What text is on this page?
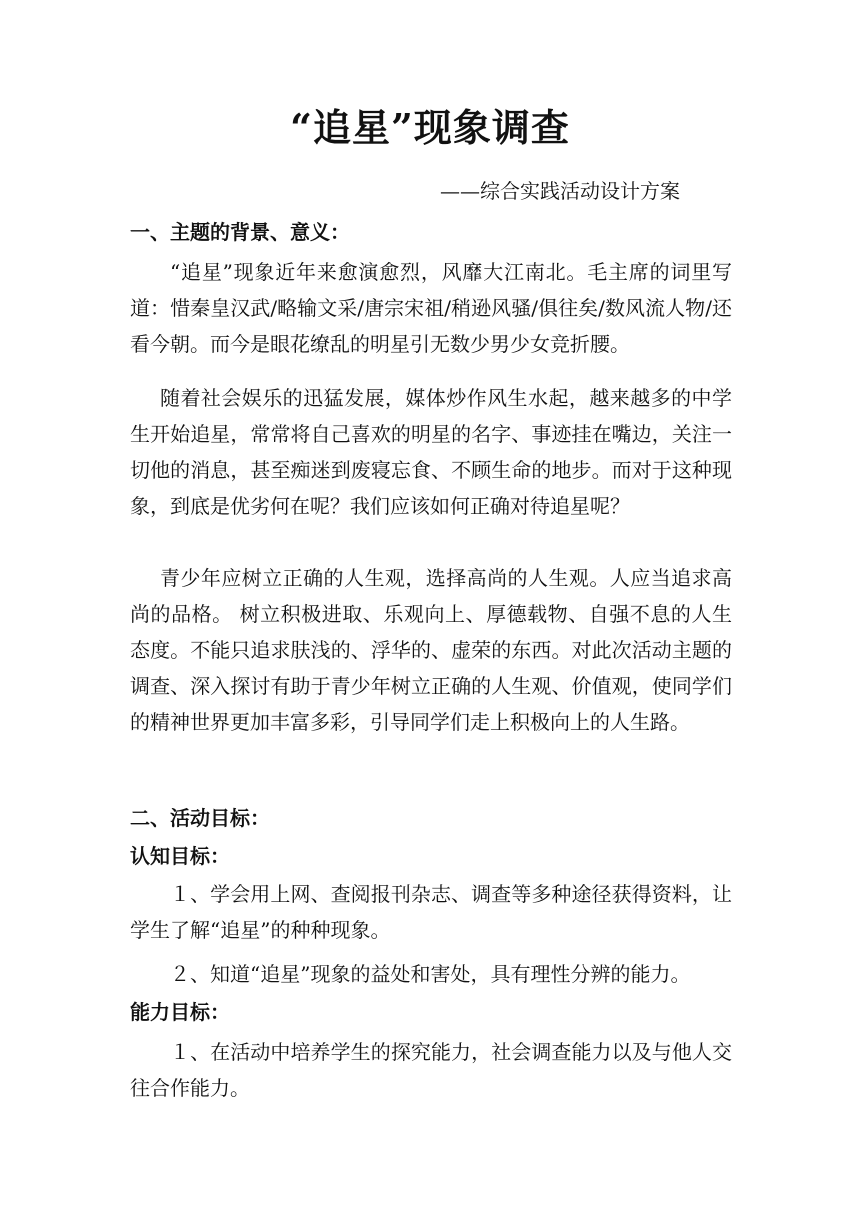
“追星”现象调查
——综合实践活动设计方案
一、主题的背景、意义：

“追星”现象近年来愈演愈烈，风靡大江南北。毛主席的词里写道：惜秦皇汉武/略输文采/唐宗宋祖/稍逊风骚/俱往矣/数风流人物/还看今朝。而今是眼花缭乱的明星引无数少男少女竞折腰。

随着社会娱乐的迅猛发展，媒体炒作风生水起，越来越多的中学生开始追星，常常将自己喜欢的明星的名字、事迹挂在嘴边，关注一切他的消息，甚至痴迷到废寝忘食、不顾生命的地步。而对于这种现象，到底是优劣何在呢？我们应该如何正确对待追星呢？

青少年应树立正确的人生观，选择高尚的人生观。人应当追求高尚的品格。 树立积极进取、乐观向上、厚德载物、自强不息的人生态度。不能只追求肤浅的、浮华的、虚荣的东西。对此次活动主题的调查、深入探讨有助于青少年树立正确的人生观、价值观，使同学们的精神世界更加丰富多彩，引导同学们走上积极向上的人生路。

二、活动目标：
认知目标：

１、学会用上网、查阅报刊杂志、调查等多种途径获得资料，让学生了解“追星”的种种现象。

２、知道“追星”现象的益处和害处，具有理性分辨的能力。

能力目标：

１、在活动中培养学生的探究能力，社会调查能力以及与他人交往合作能力。
